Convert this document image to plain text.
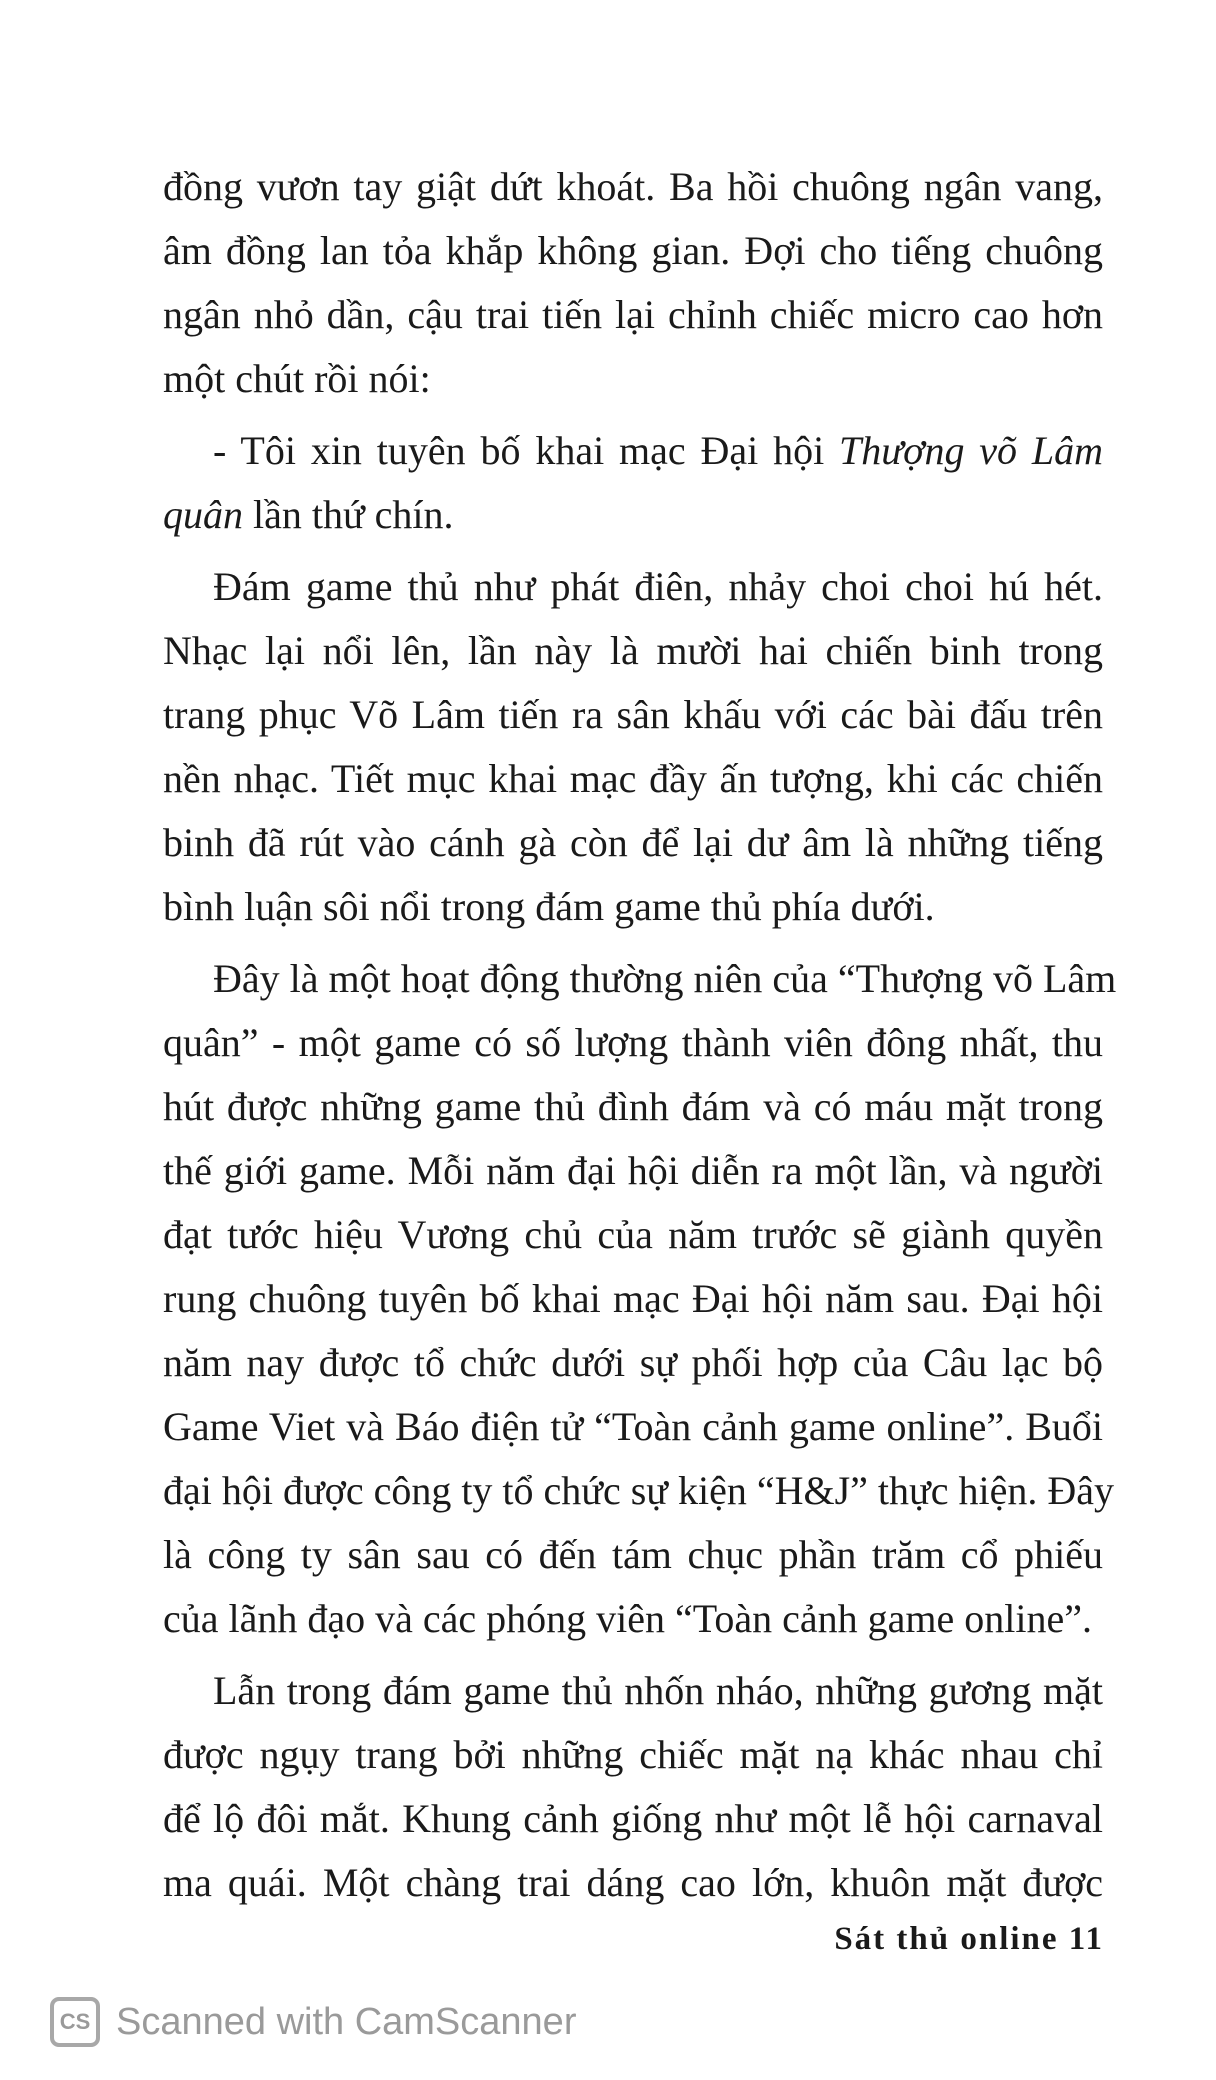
đồng vươn tay giật dứt khoát. Ba hồi chuông ngân vang,
âm đồng lan tỏa khắp không gian. Đợi cho tiếng chuông
ngân nhỏ dần, cậu trai tiến lại chỉnh chiếc micro cao hơn
một chút rồi nói:
- Tôi xin tuyên bố khai mạc Đại hội Thượng võ Lâm
quân lần thứ chín.
Đám game thủ như phát điên, nhảy choi choi hú hét.
Nhạc lại nổi lên, lần này là mười hai chiến binh trong
trang phục Võ Lâm tiến ra sân khấu với các bài đấu trên
nền nhạc. Tiết mục khai mạc đầy ấn tượng, khi các chiến
binh đã rút vào cánh gà còn để lại dư âm là những tiếng
bình luận sôi nổi trong đám game thủ phía dưới.
Đây là một hoạt động thường niên của “Thượng võ Lâm
quân” - một game có số lượng thành viên đông nhất, thu
hút được những game thủ đình đám và có máu mặt trong
thế giới game. Mỗi năm đại hội diễn ra một lần, và người
đạt tước hiệu Vương chủ của năm trước sẽ giành quyền
rung chuông tuyên bố khai mạc Đại hội năm sau. Đại hội
năm nay được tổ chức dưới sự phối hợp của Câu lạc bộ
Game Viet và Báo điện tử “Toàn cảnh game online”. Buổi
đại hội được công ty tổ chức sự kiện “H&J” thực hiện. Đây
là công ty sân sau có đến tám chục phần trăm cổ phiếu
của lãnh đạo và các phóng viên “Toàn cảnh game online”.
Lẫn trong đám game thủ nhốn nháo, những gương mặt
được ngụy trang bởi những chiếc mặt nạ khác nhau chỉ
để lộ đôi mắt. Khung cảnh giống như một lễ hội carnaval
ma quái. Một chàng trai dáng cao lớn, khuôn mặt được
Sát thủ online 11
CS Scanned with CamScanner
